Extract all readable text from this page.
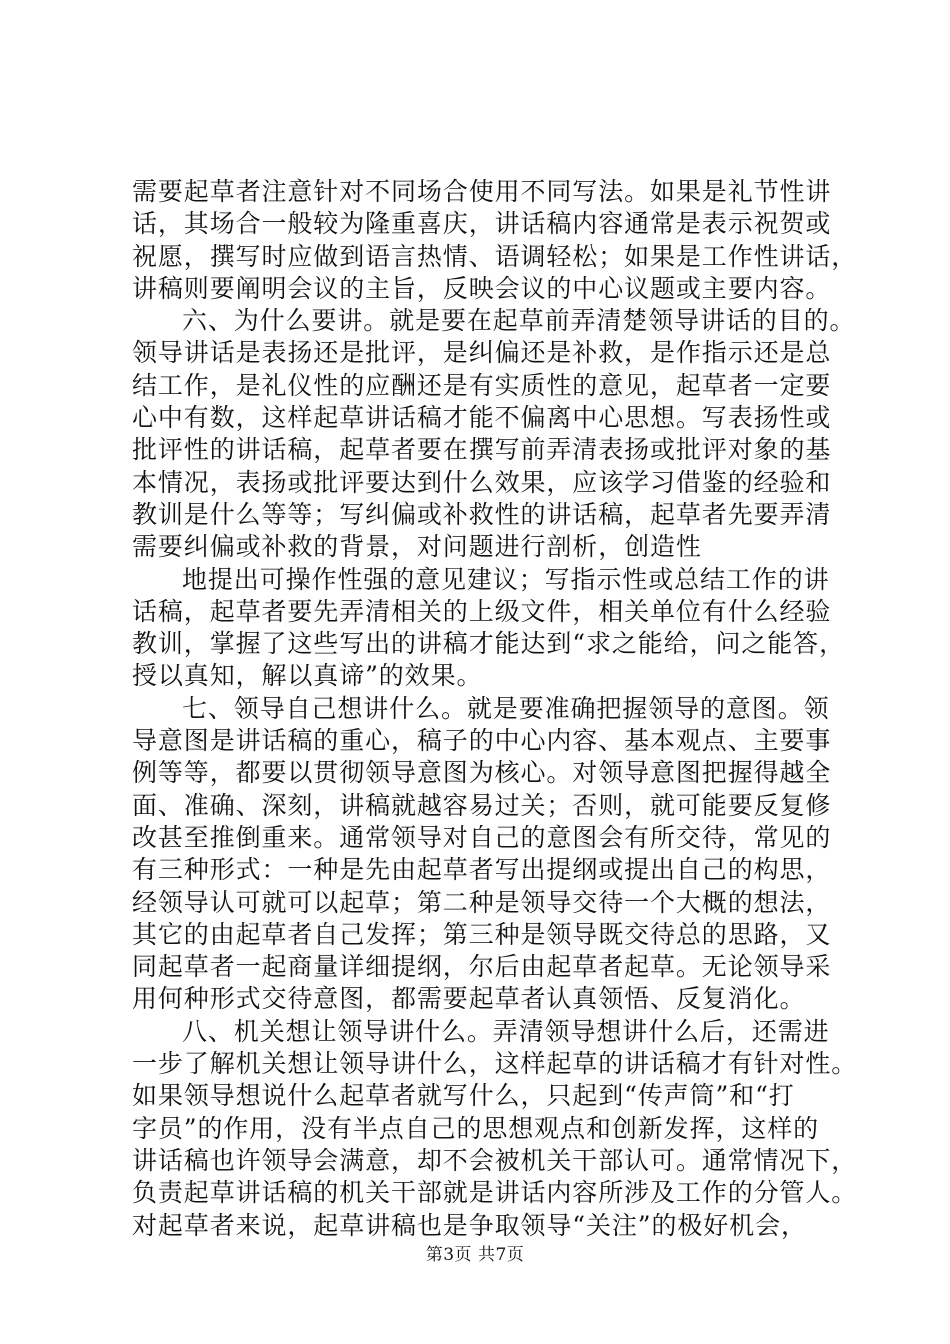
需要起草者注意针对不同场合使用不同写法。如果是礼节性讲
话，其场合一般较为隆重喜庆，讲话稿内容通常是表示祝贺或
祝愿，撰写时应做到语言热情、语调轻松；如果是工作性讲话，
讲稿则要阐明会议的主旨，反映会议的中心议题或主要内容。
六、为什么要讲。就是要在起草前弄清楚领导讲话的目的。
领导讲话是表扬还是批评，是纠偏还是补救，是作指示还是总
结工作，是礼仪性的应酬还是有实质性的意见，起草者一定要
心中有数，这样起草讲话稿才能不偏离中心思想。写表扬性或
批评性的讲话稿，起草者要在撰写前弄清表扬或批评对象的基
本情况，表扬或批评要达到什么效果，应该学习借鉴的经验和
教训是什么等等；写纠偏或补救性的讲话稿，起草者先要弄清
需要纠偏或补救的背景，对问题进行剖析，创造性
地提出可操作性强的意见建议；写指示性或总结工作的讲
话稿，起草者要先弄清相关的上级文件，相关单位有什么经验
教训，掌握了这些写出的讲稿才能达到“求之能给，问之能答，
授以真知，解以真谛”的效果。
七、领导自己想讲什么。就是要准确把握领导的意图。领
导意图是讲话稿的重心，稿子的中心内容、基本观点、主要事
例等等，都要以贯彻领导意图为核心。对领导意图把握得越全
面、准确、深刻，讲稿就越容易过关；否则，就可能要反复修
改甚至推倒重来。通常领导对自己的意图会有所交待，常见的
有三种形式：一种是先由起草者写出提纲或提出自己的构思，
经领导认可就可以起草；第二种是领导交待一个大概的想法，
其它的由起草者自己发挥；第三种是领导既交待总的思路，又
同起草者一起商量详细提纲，尔后由起草者起草。无论领导采
用何种形式交待意图，都需要起草者认真领悟、反复消化。
八、机关想让领导讲什么。弄清领导想讲什么后，还需进
一步了解机关想让领导讲什么，这样起草的讲话稿才有针对性。
如果领导想说什么起草者就写什么，只起到“传声筒”和“打
字员”的作用，没有半点自己的思想观点和创新发挥，这样的
讲话稿也许领导会满意，却不会被机关干部认可。通常情况下，
负责起草讲话稿的机关干部就是讲话内容所涉及工作的分管人。
对起草者来说，起草讲稿也是争取领导“关注”的极好机会，
第3页 共7页
